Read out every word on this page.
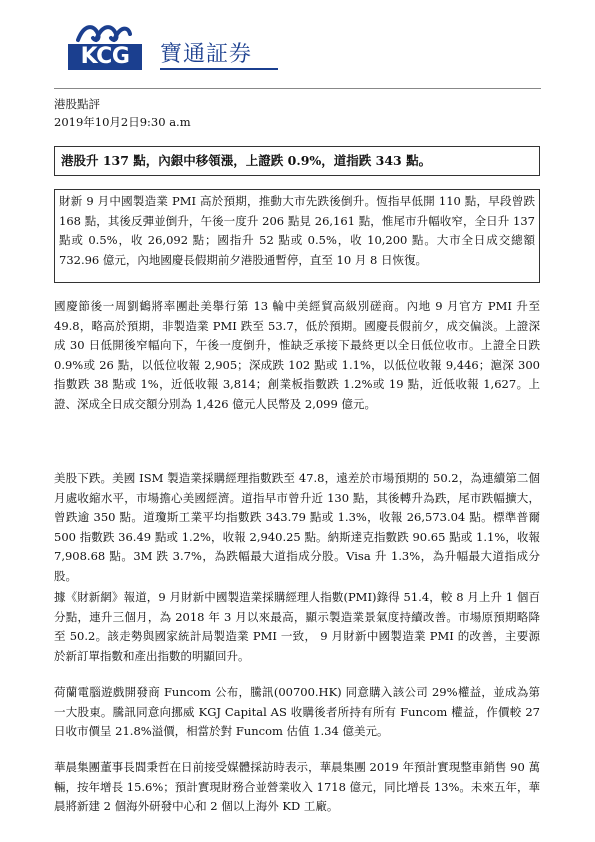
KCG	寶通証券
港股點評
2019年10月2日9:30 a.m
港股升 137 點，內銀中移領漲，上證跌 0.9%，道指跌 343 點。
財新 9 月中國製造業 PMI 高於預期，推動大市先跌後倒升。恆指早低開 110 點，早段曾跌 168 點，其後反彈並倒升，午後一度升 206 點見 26,161 點，惟尾市升幅收窄，全日升 137 點或 0.5%，收 26,092 點；國指升 52 點或 0.5%，收 10,200 點。大市全日成交總額 732.96 億元，內地國慶長假期前夕港股通暫停，直至 10 月 8 日恢復。
國慶節後一周劉鶴將率團赴美舉行第 13 輪中美經貿高級別磋商。內地 9 月官方 PMI 升至 49.8，略高於預期，非製造業 PMI 跌至 53.7，低於預期。國慶長假前夕，成交偏淡。上證深成 30 日低開後窄幅向下，午後一度倒升，惟缺乏承接下最終更以全日低位收市。上證全日跌 0.9%或 26 點，以低位收報 2,905；深成跌 102 點或 1.1%，以低位收報 9,446；滬深 300 指數跌 38 點或 1%，近低收報 3,814；創業板指數跌 1.2%或 19 點，近低收報 1,627。上證、深成全日成交額分別為 1,426 億元人民幣及 2,099 億元。
美股下跌。美國 ISM 製造業採購經理指數跌至 47.8，遠差於市場預期的 50.2，為連續第二個月處收縮水平，市場擔心美國經濟。道指早市曾升近 130 點，其後轉升為跌，尾市跌幅擴大，曾跌逾 350 點。道瓊斯工業平均指數跌 343.79 點或 1.3%，收報 26,573.04 點。標準普爾 500 指數跌 36.49 點或 1.2%，收報 2,940.25 點。納斯達克指數跌 90.65 點或 1.1%，收報 7,908.68 點。3M 跌 3.7%，為跌幅最大道指成分股。Visa 升 1.3%，為升幅最大道指成分股。
據《財新網》報道，9 月財新中國製造業採購經理人指數(PMI)錄得 51.4，較 8 月上升 1 個百分點，連升三個月，為 2018 年 3 月以來最高，顯示製造業景氣度持續改善。市場原預期略降至 50.2。該走勢與國家統計局製造業 PMI 一致， 9 月財新中國製造業 PMI 的改善，主要源於新訂單指數和產出指數的明顯回升。
荷蘭電腦遊戲開發商 Funcom 公布，騰訊(00700.HK) 同意購入該公司 29%權益，並成為第一大股東。騰訊同意向挪威 KGJ Capital AS 收購後者所持有所有 Funcom 權益，作價較 27 日收市價呈 21.8%溢價，相當於對 Funcom 估值 1.34 億美元。
華晨集團董事長閻秉哲在日前接受媒體採訪時表示，華晨集團 2019 年預計實現整車銷售 90 萬輛，按年增長 15.6%；預計實現財務合並營業收入 1718 億元，同比增長 13%。未來五年，華晨將新建 2 個海外研發中心和 2 個以上海外 KD 工廠。
